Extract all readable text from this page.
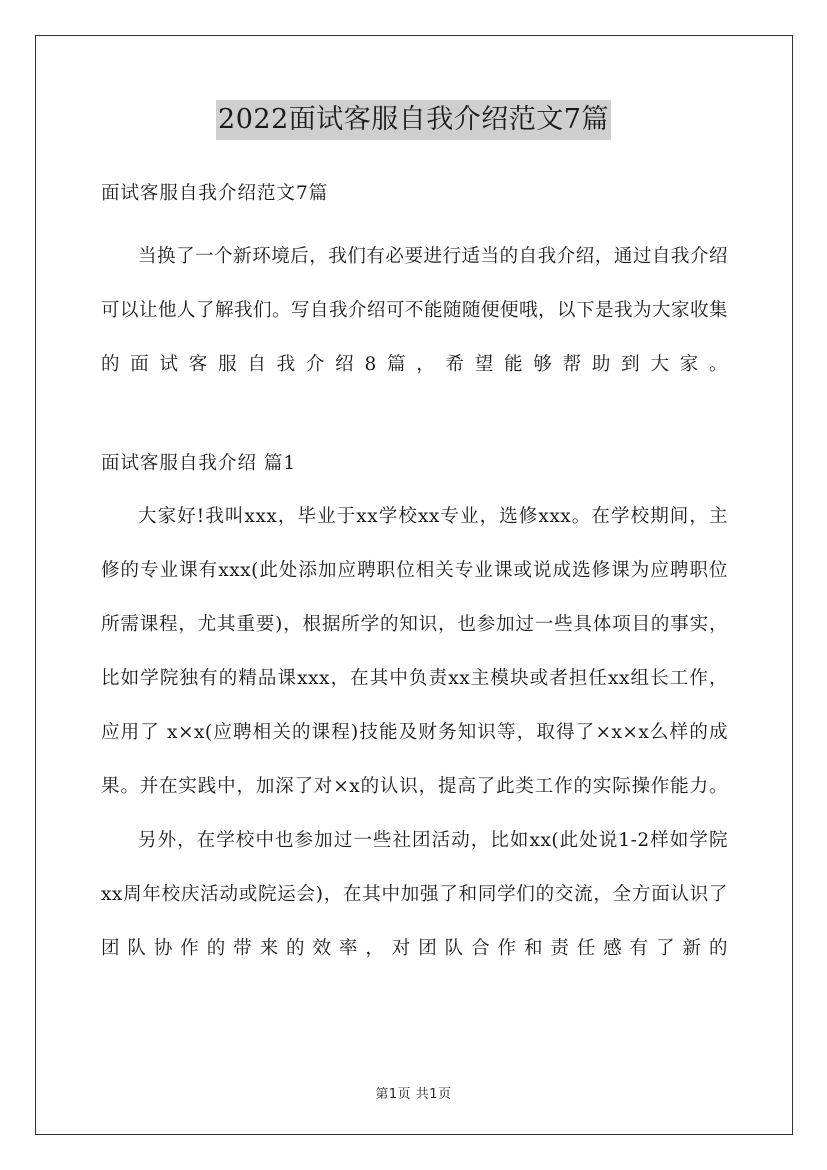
2022面试客服自我介绍范文7篇

面试客服自我介绍范文7篇

当换了一个新环境后，我们有必要进行适当的自我介绍，通过自我介绍可以让他人了解我们。写自我介绍可不能随随便便哦，以下是我为大家收集的面试客服自我介绍8篇，希望能够帮助到大家。

面试客服自我介绍 篇1

大家好!我叫xxx，毕业于xx学校xx专业，选修xxx。在学校期间，主修的专业课有xxx(此处添加应聘职位相关专业课或说成选修课为应聘职位所需课程，尤其重要)，根据所学的知识，也参加过一些具体项目的事实，比如学院独有的精品课xxx，在其中负责xx主模块或者担任xx组长工作，应用了 x×x(应聘相关的课程)技能及财务知识等，取得了×x×x么样的成果。并在实践中，加深了对×x的认识，提高了此类工作的实际操作能力。

另外，在学校中也参加过一些社团活动，比如xx(此处说1-2样如学院xx周年校庆活动或院运会)，在其中加强了和同学们的交流，全方面认识了团队协作的带来的效率，对团队合作和责任感有了新的

第1页 共1页
